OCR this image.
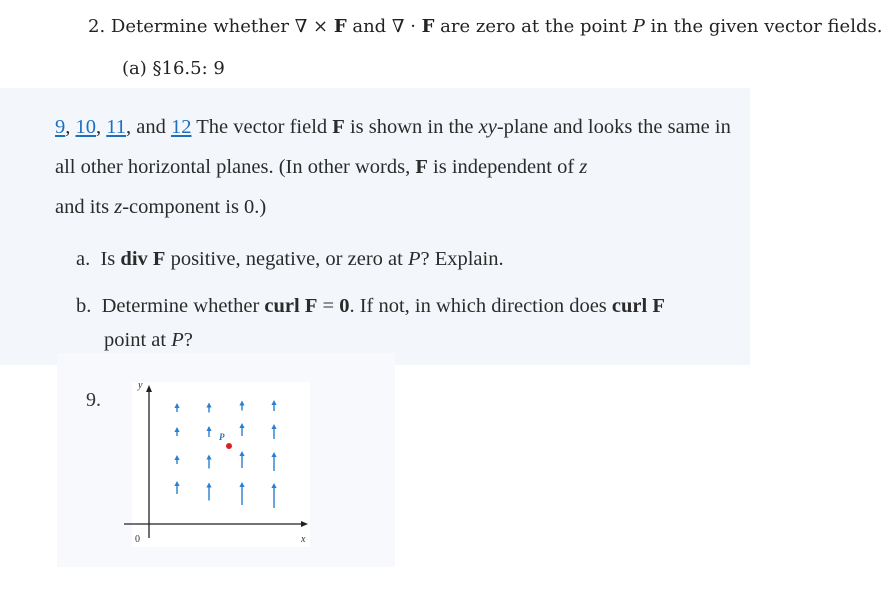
2. Determine whether ∇ × F and ∇ · F are zero at the point P in the given vector fields.
(a) §16.5: 9
9, 10, 11, and 12 The vector field F is shown in the xy-plane and looks the same in all other horizontal planes. (In other words, F is independent of z
and its z-component is 0.)
a. Is div F positive, negative, or zero at P? Explain.
b. Determine whether curl F = 0. If not, in which direction does curl F
point at P?
9.
y
x
0
P
